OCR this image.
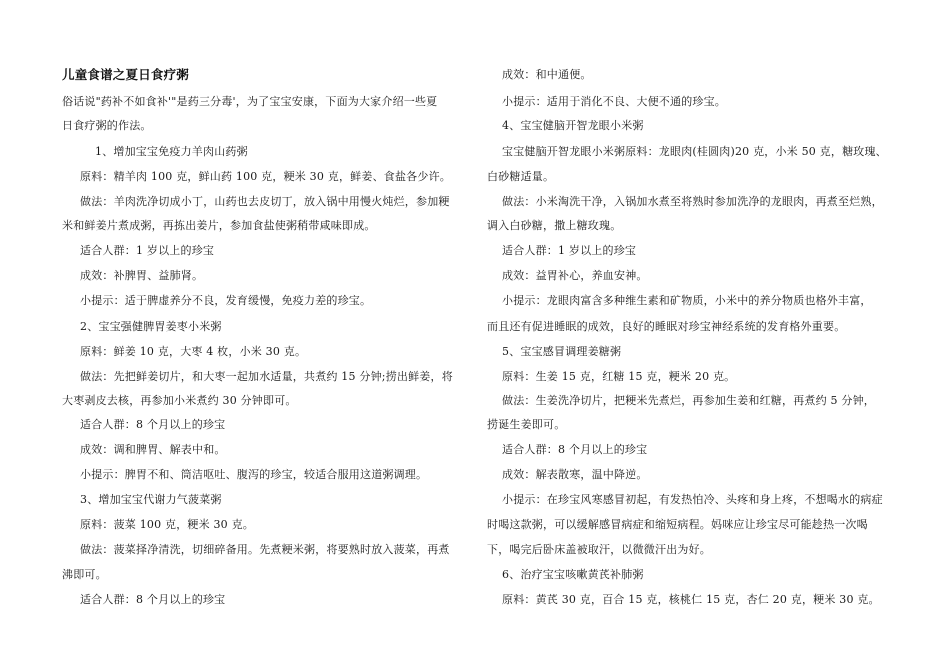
儿童食谱之夏日食疗粥
俗话说"药补不如食补'"是药三分毒'，为了宝宝安康，下面为大家介绍一些夏
日食疗粥的作法。
1、增加宝宝免疫力羊肉山药粥
原料：精羊肉 100 克，鲜山药 100 克，粳米 30 克，鲜姜、食盐各少许。
做法：羊肉洗净切成小丁，山药也去皮切丁，放入锅中用慢火炖烂，参加粳
米和鲜姜片煮成粥，再拣出姜片，参加食盐使粥稍带咸味即成。
适合人群：1 岁以上的珍宝
成效：补脾胃、益肺肾。
小提示：适于脾虚养分不良，发育缓慢，免疫力差的珍宝。
2、宝宝强健脾胃姜枣小米粥
原料：鲜姜 10 克，大枣 4 枚，小米 30 克。
做法：先把鲜姜切片，和大枣一起加水适量，共煮约 15 分钟;捞出鲜姜，将
大枣剥皮去核，再参加小米煮约 30 分钟即可。
适合人群：8 个月以上的珍宝
成效：调和脾胃、解表中和。
小提示：脾胃不和、筒洁呕吐、腹泻的珍宝，较适合服用这道粥调理。
3、增加宝宝代谢力气菠菜粥
原料：菠菜 100 克，粳米 30 克。
做法：菠菜择净清洗，切细碎备用。先煮粳米粥，将要熟时放入菠菜，再煮
沸即可。
适合人群：8 个月以上的珍宝
成效：和中通便。
小提示：适用于消化不良、大便不通的珍宝。
4、宝宝健脑开智龙眼小米粥
宝宝健脑开智龙眼小米粥原料：龙眼肉(桂圆肉)20 克，小米 50 克，糖玫瑰、
白砂糖适量。
做法：小米淘洗干净，入锅加水煮至将熟时参加洗净的龙眼肉，再煮至烂熟，
调入白砂糖，撒上糖玫瑰。
适合人群：1 岁以上的珍宝
成效：益胃补心，养血安神。
小提示：龙眼肉富含多种维生素和矿物质，小米中的养分物质也格外丰富，
而且还有促进睡眠的成效，良好的睡眠对珍宝神经系统的发育格外重要。
5、宝宝感冒调理姜糖粥
原料：生姜 15 克，红糖 15 克，粳米 20 克。
做法：生姜洗净切片，把粳米先煮烂，再参加生姜和红糖，再煮约 5 分钟，
捞诞生姜即可。
适合人群：8 个月以上的珍宝
成效：解表散寒，温中降逆。
小提示：在珍宝风寒感冒初起，有发热怕冷、头疼和身上疼，不想喝水的病症
时喝这款粥，可以缓解感冒病症和缩短病程。妈咪应让珍宝尽可能趁热一次喝
下，喝完后卧床盖被取汗，以微微汗出为好。
6、治疗宝宝咳嗽黄芪补肺粥
原料：黄芪 30 克，百合 15 克，核桃仁 15 克，杏仁 20 克，粳米 30 克。
